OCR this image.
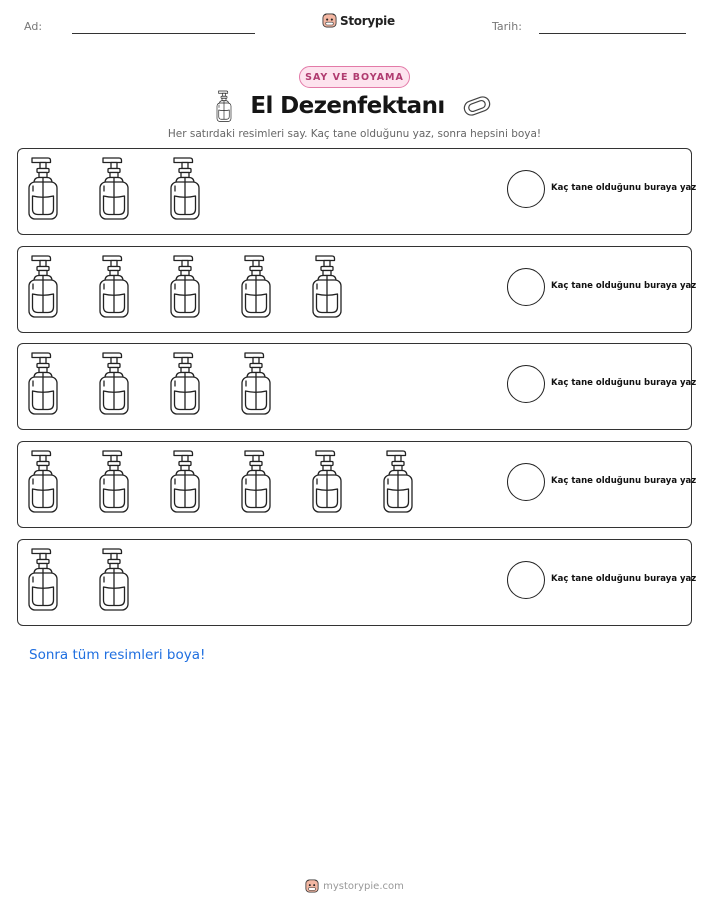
Ad:	Storypie	Tarih:
SAY VE BOYAMA
El Dezenfektanı
Her satırdaki resimleri say. Kaç tane olduğunu yaz, sonra hepsini boya!
Kaç tane olduğunu buraya yaz
Kaç tane olduğunu buraya yaz
Kaç tane olduğunu buraya yaz
Kaç tane olduğunu buraya yaz
Kaç tane olduğunu buraya yaz
Sonra tüm resimleri boya!
mystorypie.com
